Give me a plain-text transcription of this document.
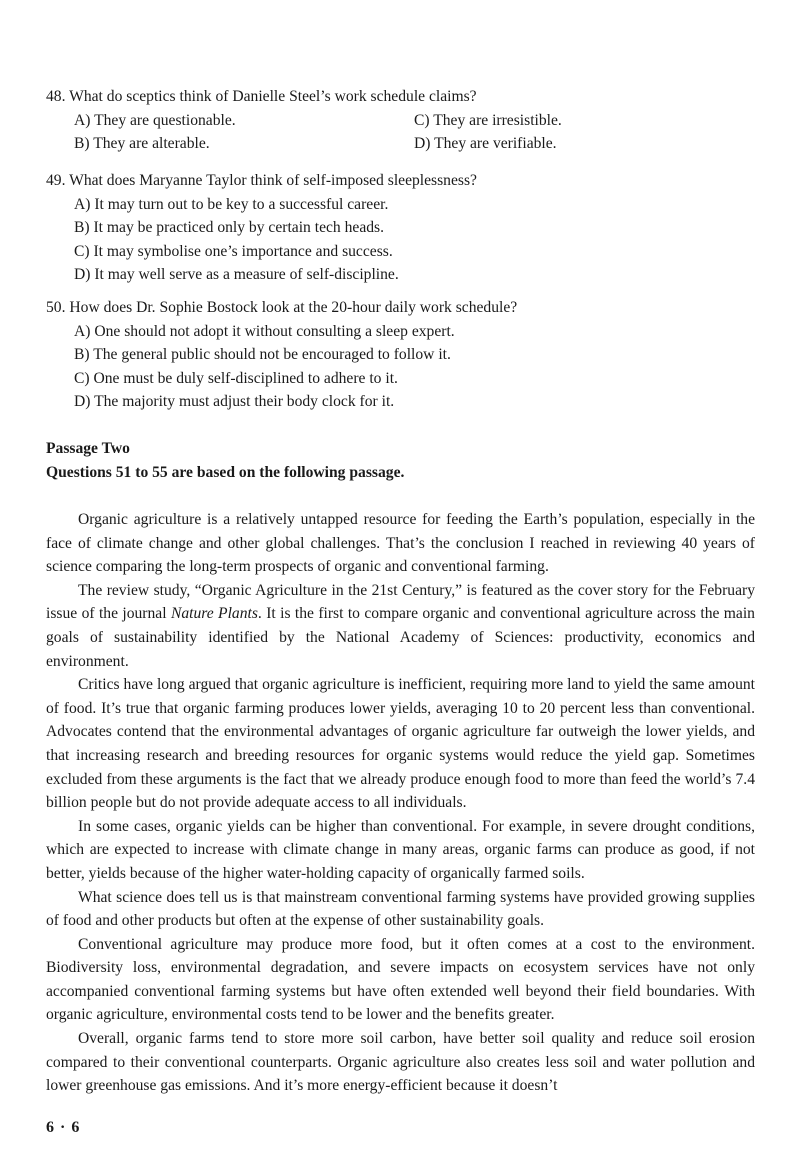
48. What do sceptics think of Danielle Steel’s work schedule claims?
A) They are questionable.	C) They are irresistible.
B) They are alterable.	D) They are verifiable.
49. What does Maryanne Taylor think of self-imposed sleeplessness?
A) It may turn out to be key to a successful career.
B) It may be practiced only by certain tech heads.
C) It may symbolise one’s importance and success.
D) It may well serve as a measure of self-discipline.
50. How does Dr. Sophie Bostock look at the 20-hour daily work schedule?
A) One should not adopt it without consulting a sleep expert.
B) The general public should not be encouraged to follow it.
C) One must be duly self-disciplined to adhere to it.
D) The majority must adjust their body clock for it.
Passage Two
Questions 51 to 55 are based on the following passage.

Organic agriculture is a relatively untapped resource for feeding the Earth’s population, especially in the face of climate change and other global challenges. That’s the conclusion I reached in reviewing 40 years of science comparing the long-term prospects of organic and conventional farming.

The review study, “Organic Agriculture in the 21st Century,” is featured as the cover story for the February issue of the journal Nature Plants. It is the first to compare organic and conventional agriculture across the main goals of sustainability identified by the National Academy of Sciences: productivity, economics and environment.

Critics have long argued that organic agriculture is inefficient, requiring more land to yield the same amount of food. It’s true that organic farming produces lower yields, averaging 10 to 20 percent less than conventional. Advocates contend that the environmental advantages of organic agriculture far outweigh the lower yields, and that increasing research and breeding resources for organic systems would reduce the yield gap. Sometimes excluded from these arguments is the fact that we already produce enough food to more than feed the world’s 7.4 billion people but do not provide adequate access to all individuals.

In some cases, organic yields can be higher than conventional. For example, in severe drought conditions, which are expected to increase with climate change in many areas, organic farms can produce as good, if not better, yields because of the higher water-holding capacity of organically farmed soils.

What science does tell us is that mainstream conventional farming systems have provided growing supplies of food and other products but often at the expense of other sustainability goals.

Conventional agriculture may produce more food, but it often comes at a cost to the environment. Biodiversity loss, environmental degradation, and severe impacts on ecosystem services have not only accompanied conventional farming systems but have often extended well beyond their field boundaries. With organic agriculture, environmental costs tend to be lower and the benefits greater.

Overall, organic farms tend to store more soil carbon, have better soil quality and reduce soil erosion compared to their conventional counterparts. Organic agriculture also creates less soil and water pollution and lower greenhouse gas emissions. And it’s more energy-efficient because it doesn’t

6 · 6
